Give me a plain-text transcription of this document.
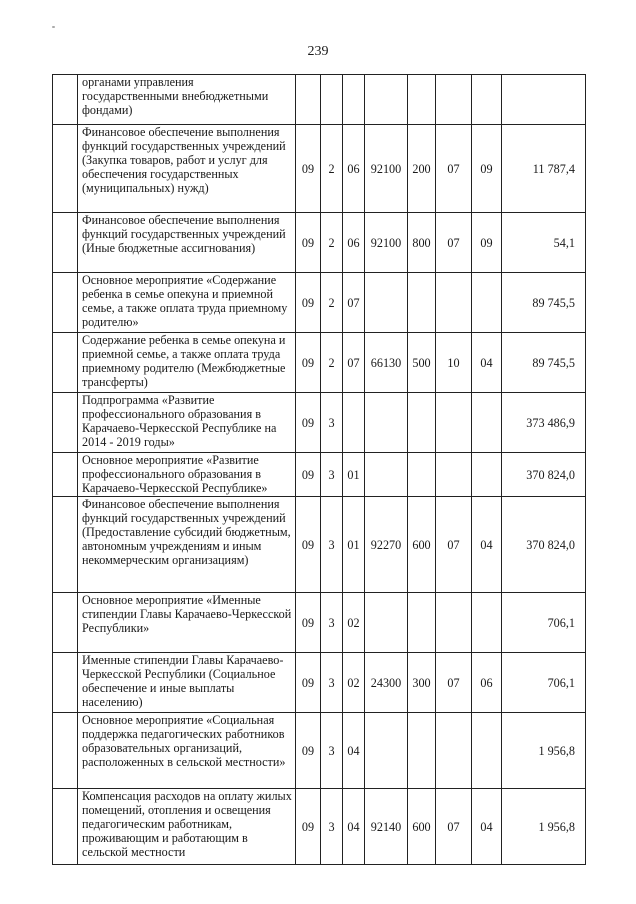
239
	органами управления государственными внебюджетными фондами)								
	Финансовое обеспечение выполнения функций государственных учреждений (Закупка товаров, работ и услуг для обеспечения государственных (муниципальных) нужд)	09	2	06	92100	200	07	09	11 787,4
	Финансовое обеспечение выполнения функций государственных учреждений (Иные бюджетные ассигнования)	09	2	06	92100	800	07	09	54,1
	Основное мероприятие «Содержание ребенка в семье опекуна и приемной семье, а также оплата труда приемному родителю»	09	2	07					89 745,5
	Содержание ребенка в семье опекуна и приемной семье, а также оплата труда приемному родителю (Межбюджетные трансферты)	09	2	07	66130	500	10	04	89 745,5
	Подпрограмма «Развитие профессионального образования в Карачаево-Черкесской Республике на 2014 - 2019 годы»	09	3						373 486,9
	Основное мероприятие «Развитие профессионального образования в Карачаево-Черкесской Республике»	09	3	01					370 824,0
	Финансовое обеспечение выполнения функций государственных учреждений (Предоставление субсидий бюджетным, автономным учреждениям и иным некоммерческим организациям)	09	3	01	92270	600	07	04	370 824,0
	Основное мероприятие «Именные стипендии Главы Карачаево-Черкесской Республики»	09	3	02					706,1
	Именные стипендии Главы Карачаево-Черкесской Республики (Социальное обеспечение и иные выплаты населению)	09	3	02	24300	300	07	06	706,1
	Основное мероприятие «Социальная поддержка педагогических работников образовательных организаций, расположенных в сельской местности»	09	3	04					1 956,8
	Компенсация расходов на оплату жилых помещений, отопления и освещения педагогическим работникам, проживающим и работающим в сельской местности	09	3	04	92140	600	07	04	1 956,8
